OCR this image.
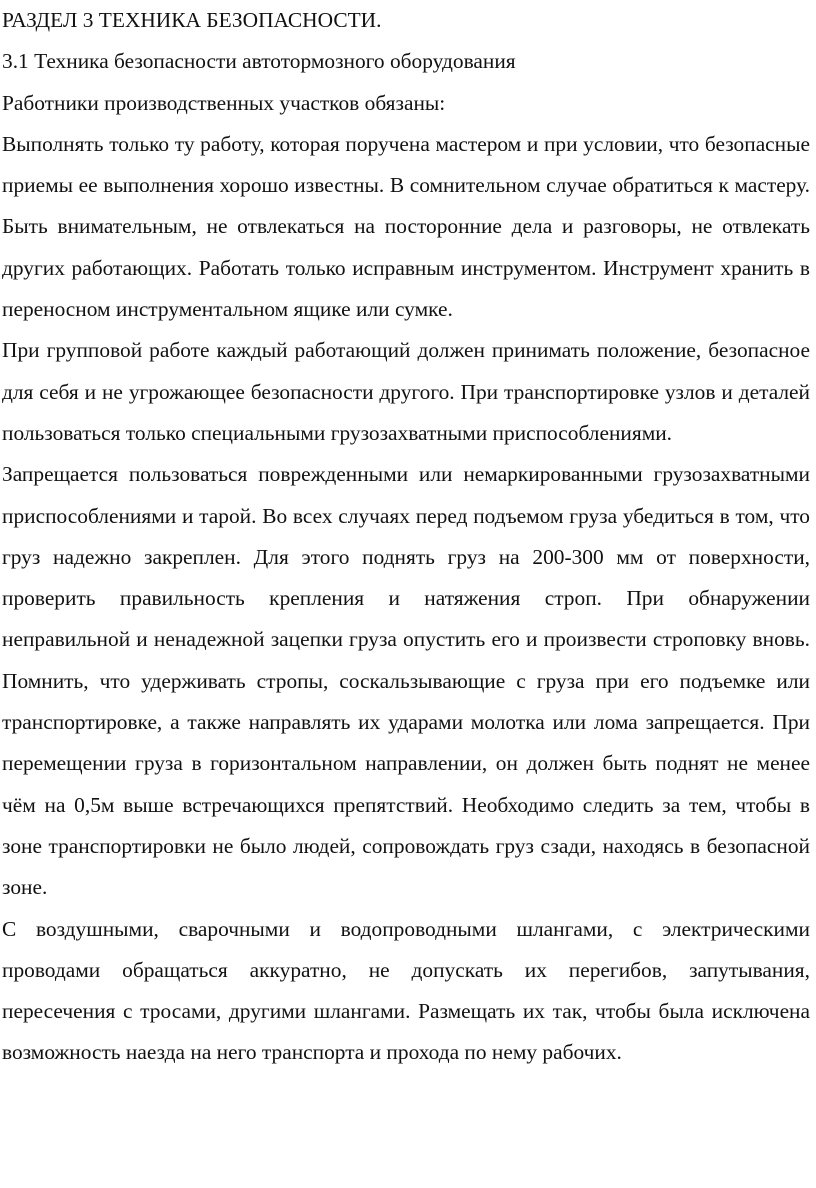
РАЗДЕЛ 3 ТЕХНИКА БЕЗОПАСНОСТИ.
3.1 Техника безопасности автотормозного оборудования

Работники производственных участков обязаны:

Выполнять только ту работу, которая поручена мастером и при условии, что безопасные приемы ее выполнения хорошо известны. В сомнительном случае обратиться к мастеру. Быть внимательным, не отвлекаться на посторонние дела и разговоры, не отвлекать других работающих. Работать только исправным инструментом. Инструмент хранить в переносном инструментальном ящике или сумке.

При групповой работе каждый работающий должен принимать положение, безопасное для себя и не угрожающее безопасности другого. При транспортировке узлов и деталей пользоваться только специальными грузозахватными приспособлениями.

Запрещается пользоваться поврежденными или немаркированными грузозахватными приспособлениями и тарой. Во всех случаях перед подъемом груза убедиться в том, что груз надежно закреплен. Для этого поднять груз на 200-300 мм от поверхности, проверить правильность крепления и натяжения строп. При обнаружении неправильной и ненадежной зацепки груза опустить его и произвести строповку вновь. Помнить, что удерживать стропы, соскальзывающие с груза при его подъемке или транспортировке, а также направлять их ударами молотка или лома запрещается. При перемещении груза в горизонтальном направлении, он должен быть поднят не менее чём на 0,5м выше встречающихся препятствий. Необходимо следить за тем, чтобы в зоне транспортировки не было людей, сопровождать груз сзади, находясь в безопасной зоне.

С воздушными, сварочными и водопроводными шлангами, с электрическими проводами обращаться аккуратно, не допускать их перегибов, запутывания, пересечения с тросами, другими шлангами. Размещать их так, чтобы была исключена возможность наезда на него транспорта и прохода по нему рабочих.
